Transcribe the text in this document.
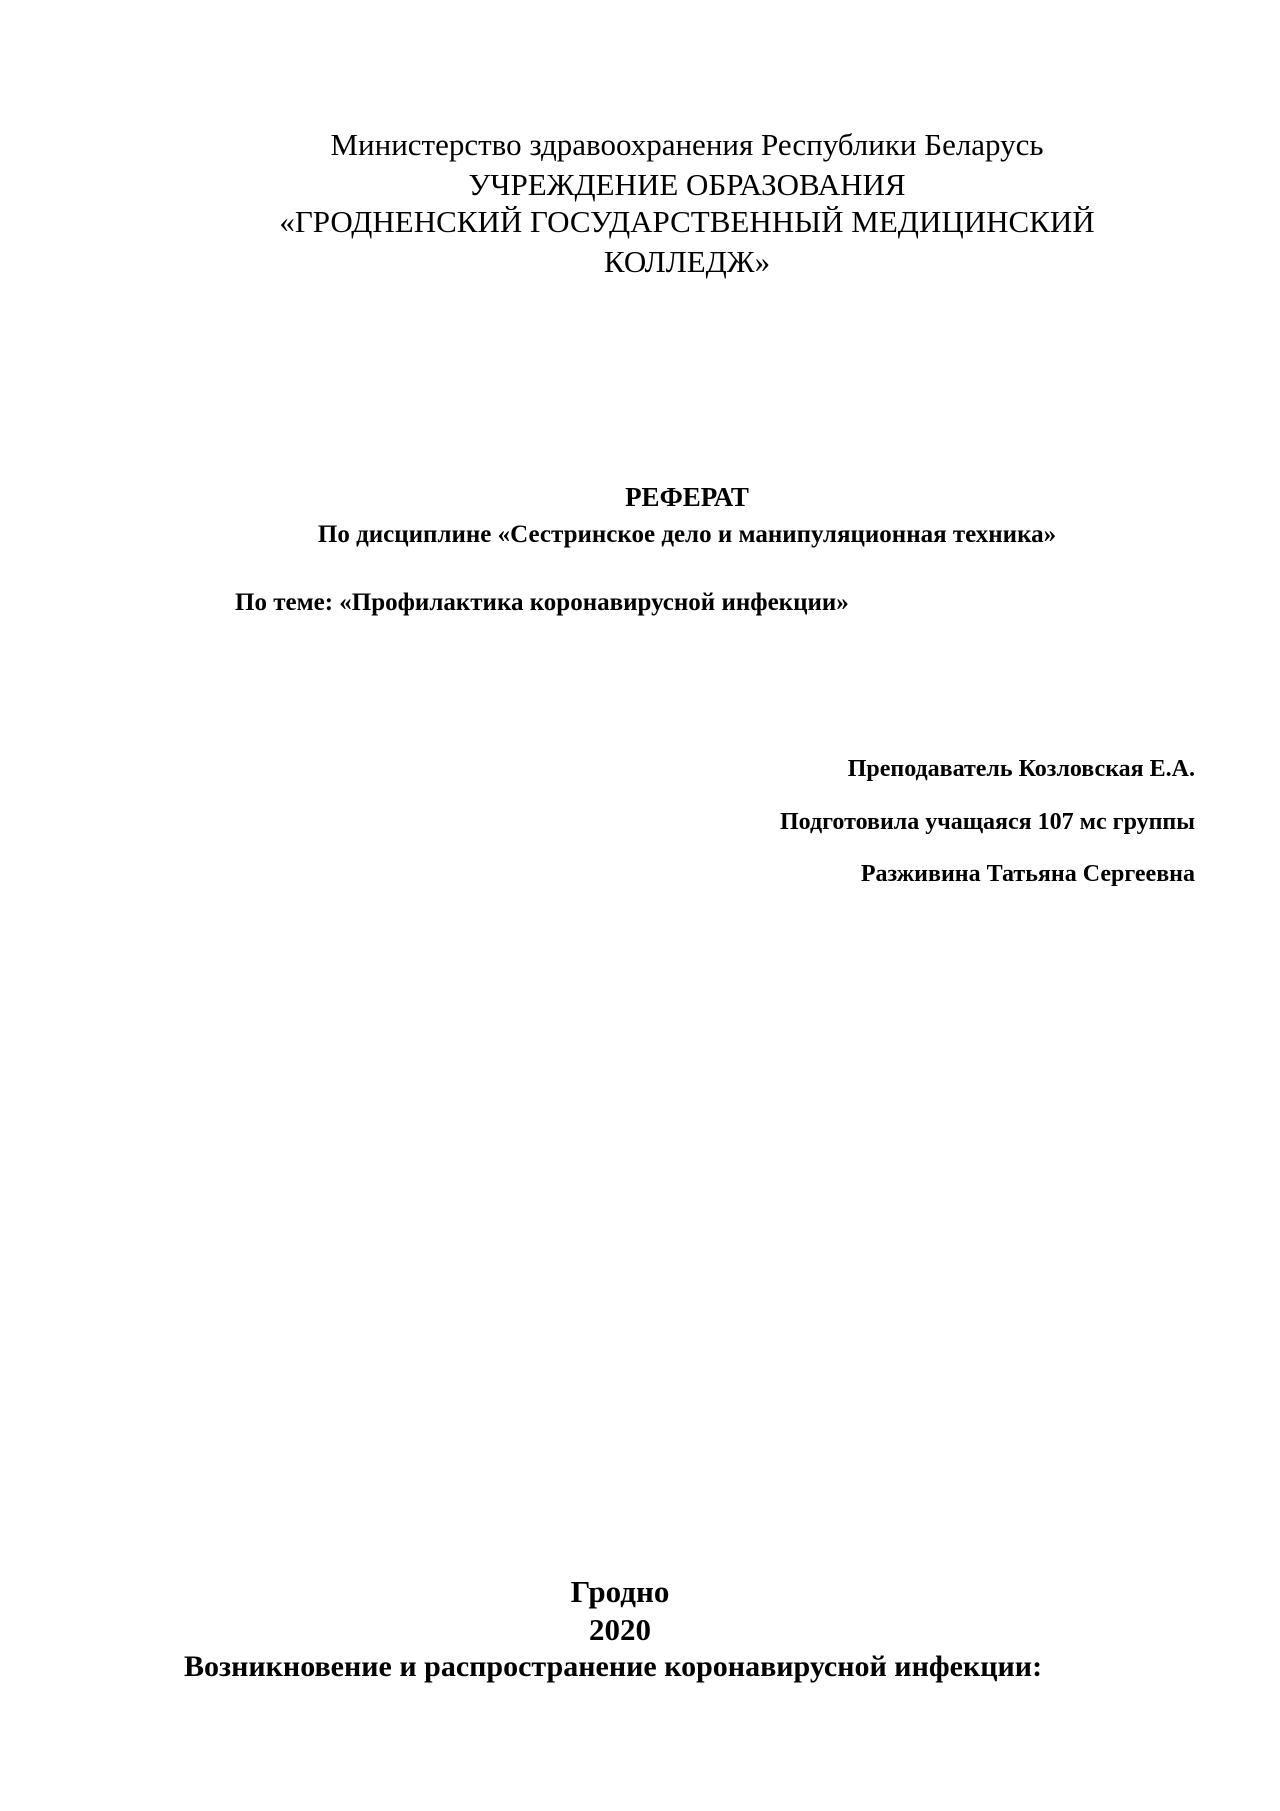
Министерство здравоохранения Республики Беларусь
УЧРЕЖДЕНИЕ ОБРАЗОВАНИЯ
«ГРОДНЕНСКИЙ ГОСУДАРСТВЕННЫЙ МЕДИЦИНСКИЙ
КОЛЛЕДЖ»
РЕФЕРАТ
По дисциплине «Сестринское дело и манипуляционная техника»
По теме: «Профилактика коронавирусной инфекции»
Преподаватель Козловская Е.А.
Подготовила учащаяся 107 мс группы
Разживина Татьяна Сергеевна
Гродно
2020
Возникновение и распространение коронавирусной инфекции:
